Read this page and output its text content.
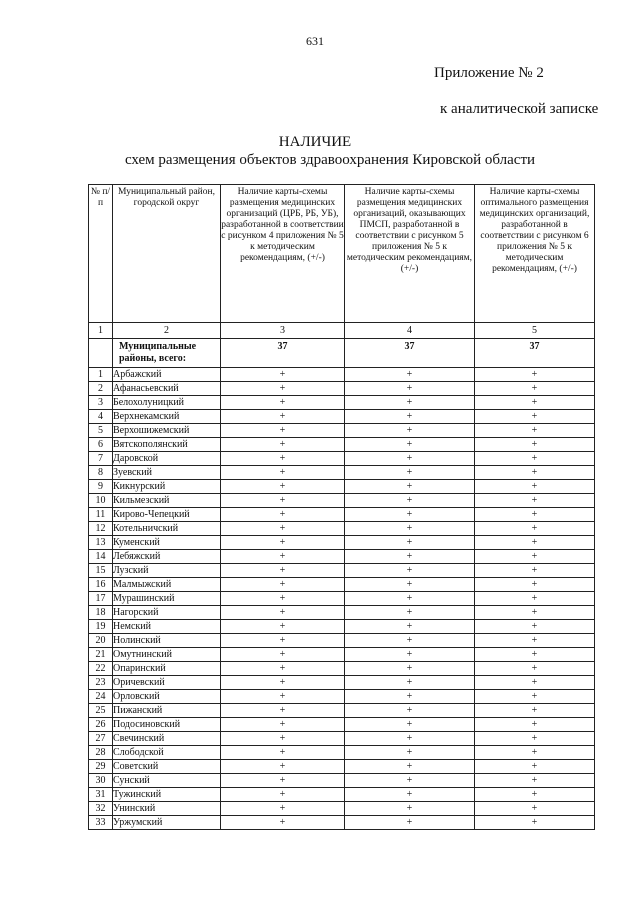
631
Приложение № 2
к аналитической записке
НАЛИЧИЕ
схем размещения объектов здравоохранения Кировской области
№ п/п	Муниципальный район, городской округ	Наличие карты-схемы размещения медицинских организаций (ЦРБ, РБ, УБ), разработанной в соответствии с рисунком 4 приложения № 5 к методическим рекомендациям, (+/-)	Наличие карты-схемы размещения медицинских организаций, оказывающих ПМСП, разработанной в соответствии с рисунком 5 приложения № 5 к методическим рекомендациям, (+/-)	Наличие карты-схемы оптимального размещения медицинских организаций, разработанной в соответствии с рисунком 6 приложения № 5 к методическим рекомендациям, (+/-)
1	2	3	4	5
	Муниципальные районы, всего:	37	37	37
1	Арбажский	+	+	+
2	Афанасьевский	+	+	+
3	Белохолуницкий	+	+	+
4	Верхнекамский	+	+	+
5	Верхошижемский	+	+	+
6	Вятскополянский	+	+	+
7	Даровской	+	+	+
8	Зуевский	+	+	+
9	Кикнурский	+	+	+
10	Кильмезский	+	+	+
11	Кирово-Чепецкий	+	+	+
12	Котельничский	+	+	+
13	Куменский	+	+	+
14	Лебяжский	+	+	+
15	Лузский	+	+	+
16	Малмыжский	+	+	+
17	Мурашинский	+	+	+
18	Нагорский	+	+	+
19	Немский	+	+	+
20	Нолинский	+	+	+
21	Омутнинский	+	+	+
22	Опаринский	+	+	+
23	Оричевский	+	+	+
24	Орловский	+	+	+
25	Пижанский	+	+	+
26	Подосиновский	+	+	+
27	Свечинский	+	+	+
28	Слободской	+	+	+
29	Советский	+	+	+
30	Сунский	+	+	+
31	Тужинский	+	+	+
32	Унинский	+	+	+
33	Уржумский	+	+	+
